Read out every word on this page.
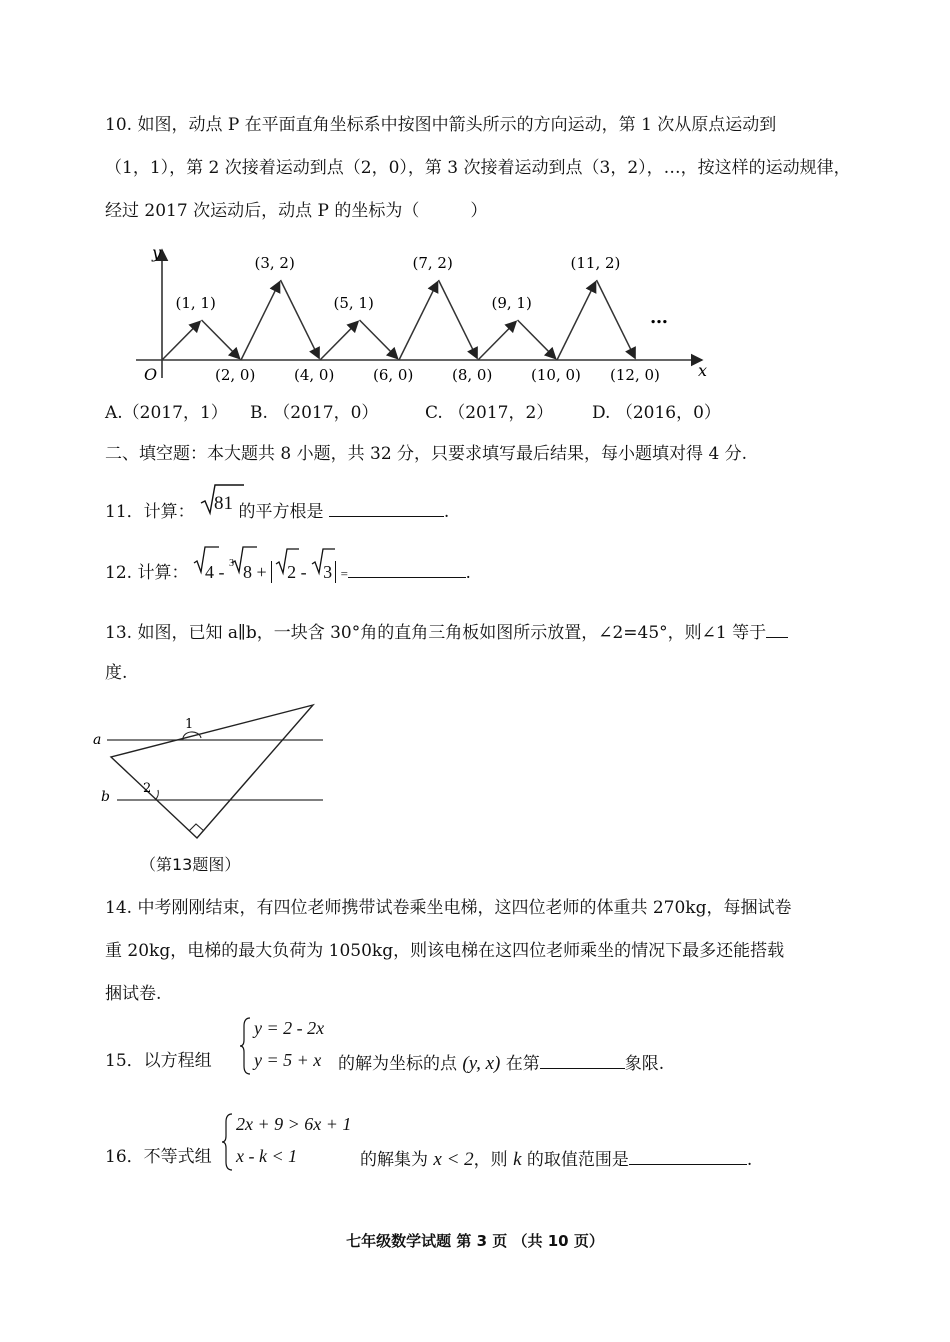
10. 如图，动点 P 在平面直角坐标系中按图中箭头所示的方向运动，第 1 次从原点运动到
（1，1），第 2 次接着运动到点（2，0），第 3 次接着运动到点（3，2），…，按这样的运动规律，
经过 2017 次运动后，动点 P 的坐标为（　　　）
y
x
O
(1, 1)
(3, 2)
(5, 1)
(7, 2)
(9, 1)
(11, 2)
(2, 0)	(4, 0)	(6, 0)	(8, 0)	(10, 0) (12, 0)
…
A.（2017，1） B. （2017，0）	C. （2017，2） D. （2016，0）
二、填空题：本大题共 8 小题，共 32 分，只要求填写最后结果，每小题填对得 4 分.
11．计算： 81 的平方根是	.
12. 计算： 4 - 3 8 + 2 - 3 =	.
13. 如图，已知 a∥b，一块含 30°角的直角三角板如图所示放置，∠2=45°，则∠1 等于
度.
a
b
1
2
（第13题图）
14. 中考刚刚结束，有四位老师携带试卷乘坐电梯，这四位老师的体重共 270kg，每捆试卷
重 20kg，电梯的最大负荷为 1050kg，则该电梯在这四位老师乘坐的情况下最多还能搭载
捆试卷.
15．以方程组
y = 2 - 2x
y = 5 + x 的解为坐标的点 (y, x) 在第	象限.
16．不等式组
2x + 9 > 6x + 1
x - k < 1	的解集为 x < 2，则 k 的取值范围是	.
七年级数学试题 第 3 页 （共 10 页）
